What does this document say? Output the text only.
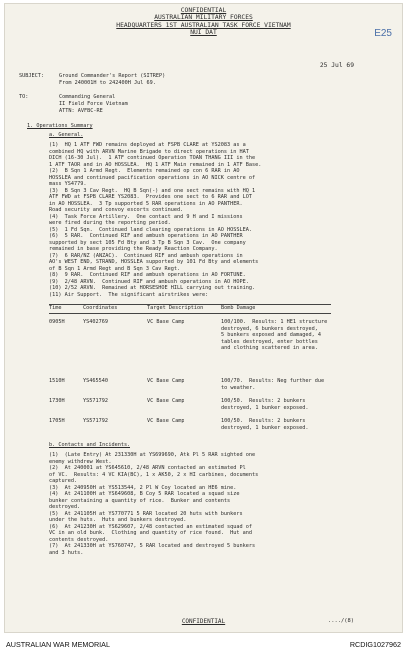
E25
CONFIDENTIAL
AUSTRALIAN MILITARY FORCES
HEADQUARTERS 1ST AUSTRALIAN TASK FORCE VIETNAM
NUI DAT
25 Jul 69
SUBJECT:	Ground Commander's Report (SITREP)
From 240001H to 242400H Jul 69.
TO:	Commanding General
II Field Force Vietnam
ATTN: AVFBC-RE
1. Operations Summary
a. General.
(1)  HQ 1 ATF FWD remains deployed at FSPB CLARE at YS2083 as a
combined HQ with ARVN Marine Brigade to direct operations in HAT
DICH (16-30 Jul).  1 ATF continued Operation TOAN THANG III in the
1 ATF TAOR and in AO HOSSLEA.  HQ 1 ATF Main remained in 1 ATF Base.
(2)  B Sqn 1 Armd Regt.  Elements remained op con 6 RAR in AO
HOSSLEA and continued pacification operations in AO NICK centre of
mass YS4779.
(3)  B Sqn 3 Cav Regt.  HQ B Sqn(-) and one sect remains with HQ 1
ATF FWD at FSPB CLARE YS2083.  Provides one sect to 6 RAR and LOT
in AO HOSSLEA.  3 Tp supported 5 RAR operations in AO PANTHER.
Road security and convoy escorts continued.
(4)  Task Force Artillery.  One contact and 9 H and I missions
were fired during the reporting period.
(5)  1 Fd Sqn.  Continued land clearing operations in AO HOSSLEA.
(6)  5 RAR.  Continued RIF and ambush operations in AO PANTHER
supported by sect 105 Fd Bty and 3 Tp B Sqn 3 Cav.  One company
remained in base providing the Ready Reaction Company.
(7)  6 RAR/NZ (ANZAC).  Continued RIF and ambush operations in
AO's WEST END, STRAND, HOSSLEA supported by 101 Fd Bty and elements
of B Sqn 1 Armd Regt and B Sqn 3 Cav Regt.
(8)  9 RAR.  Continued RIF and ambush operations in AO FORTUNE.
(9)  2/48 ARVN.  Continued RIF and ambush operations in AO HOPE.
(10) 2/52 ARVN.  Remained at HORSESHOE HILL carrying out training.
(11) Air Support.  The significant airstrikes were:
Time	Coordinates	Target Description	Bomb Damage
0905H	YS402769	VC Base Camp	100/100.  Results: 1 HE1 structure
destroyed, 6 bunkers destroyed,
5 bunkers exposed and damaged, 4
tables destroyed, enter bottles
and clothing scattered in area.
1510H	YS465540	VC Base Camp	100/70.  Results: Neg further due
to weather.
1730H	YS571792	VC Base Camp	100/50.  Results: 2 bunkers
destroyed, 1 bunker exposed.
1705H	YS571792	VC Base Camp	100/50.  Results: 2 bunkers
destroyed, 1 bunker exposed.
b. Contacts and Incidents.
(1)  (Late Entry) At 231330H at YS699690, Atk Pl 5 RAR sighted one
enemy withdrew West.
(2)  At 240001 at YS645610, 2/48 ARVN contacted an estimated Pl
of VC.  Results: 4 VC KIA(BC), 1 x AK50, 2 x HI carbines, documents
captured.
(3)  At 240950H at YS513544, 2 Pl W Coy located an HE6 mine.
(4)  At 241100H at YS649608, B Coy 5 RAR located a squad size
bunker containing a quantity of rice.  Bunker and contents
destroyed.
(5)  At 241105H at YS770771 5 RAR located 20 huts with bunkers
under the huts.  Huts and bunkers destroyed.
(6)  At 241230H at YS629607, 2/48 contacted an estimated squad of
VC in an old bunk.  Clothing and quantity of rice found.  Hut and
contents destroyed.
(7)  At 241330H at YS760747, 5 RAR located and destroyed 5 bunkers
and 3 huts.
CONFIDENTIAL	..../(8)
AUSTRALIAN WAR MEMORIAL	RCDIG1027962
